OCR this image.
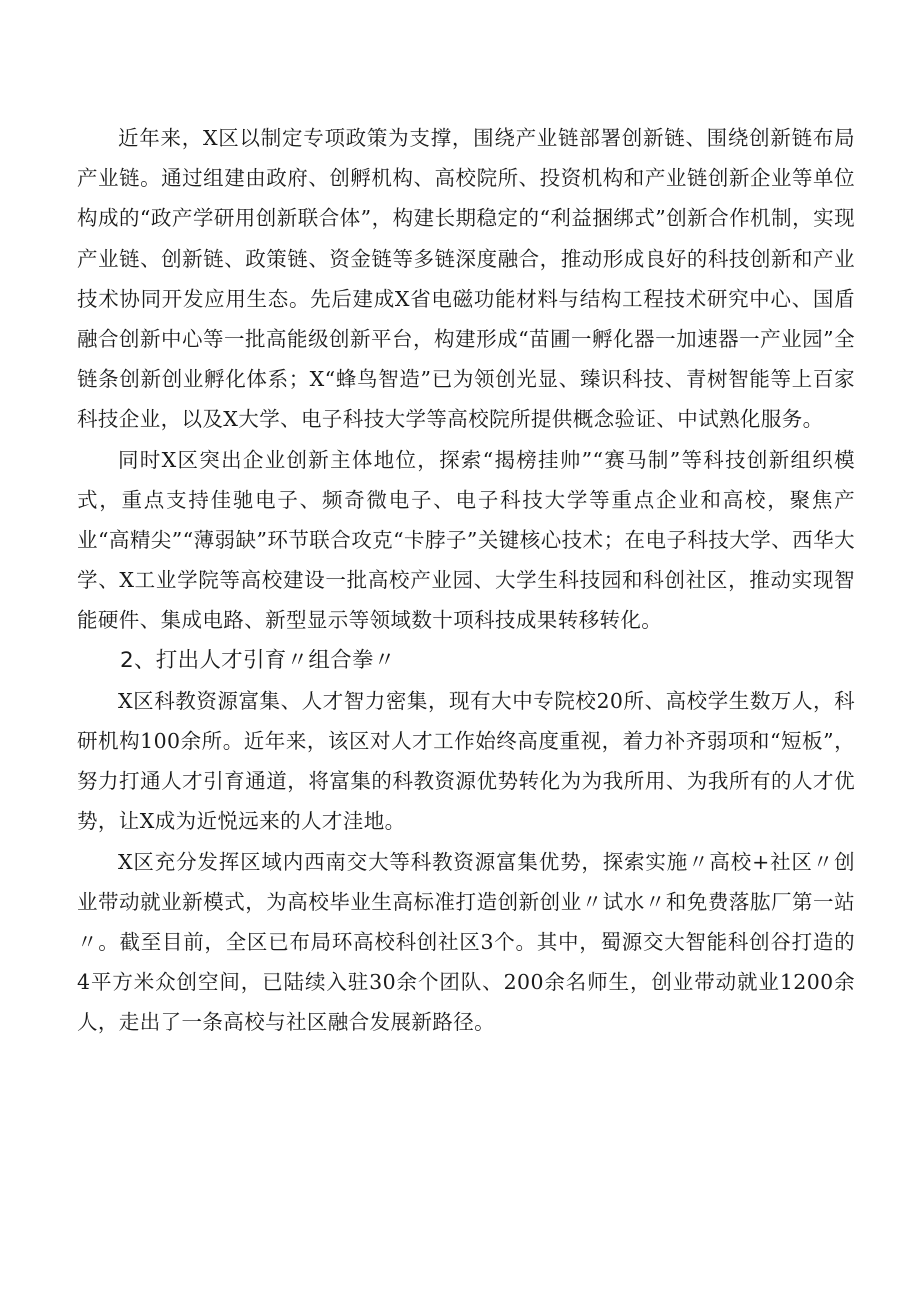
近年来，X区以制定专项政策为支撑，围绕产业链部署创新链、围绕创新链布局产业链。通过组建由政府、创孵机构、高校院所、投资机构和产业链创新企业等单位构成的“政产学研用创新联合体”，构建长期稳定的“利益捆绑式”创新合作机制，实现产业链、创新链、政策链、资金链等多链深度融合，推动形成良好的科技创新和产业技术协同开发应用生态。先后建成X省电磁功能材料与结构工程技术研究中心、国盾融合创新中心等一批高能级创新平台，构建形成“苗圃一孵化器一加速器一产业园”全链条创新创业孵化体系；X“蜂鸟智造”已为领创光显、臻识科技、青树智能等上百家科技企业，以及X大学、电子科技大学等高校院所提供概念验证、中试熟化服务。

同时X区突出企业创新主体地位，探索“揭榜挂帅”“赛马制”等科技创新组织模式，重点支持佳驰电子、频奇微电子、电子科技大学等重点企业和高校，聚焦产业“高精尖”“薄弱缺”环节联合攻克“卡脖子”关键核心技术；在电子科技大学、西华大学、X工业学院等高校建设一批高校产业园、大学生科技园和科创社区，推动实现智能硬件、集成电路、新型显示等领域数十项科技成果转移转化。

2、打出人才引育〃组合拳〃

X区科教资源富集、人才智力密集，现有大中专院校20所、高校学生数万人，科研机构100余所。近年来，该区对人才工作始终高度重视，着力补齐弱项和“短板”，努力打通人才引育通道，将富集的科教资源优势转化为为我所用、为我所有的人才优势，让X成为近悦远来的人才洼地。

X区充分发挥区域内西南交大等科教资源富集优势，探索实施〃高校+社区〃创业带动就业新模式，为高校毕业生高标准打造创新创业〃试水〃和免费落肱厂第一站〃。截至目前，全区已布局环高校科创社区3个。其中，蜀源交大智能科创谷打造的4平方米众创空间，已陆续入驻30余个团队、200余名师生，创业带动就业1200余人，走出了一条高校与社区融合发展新路径。
